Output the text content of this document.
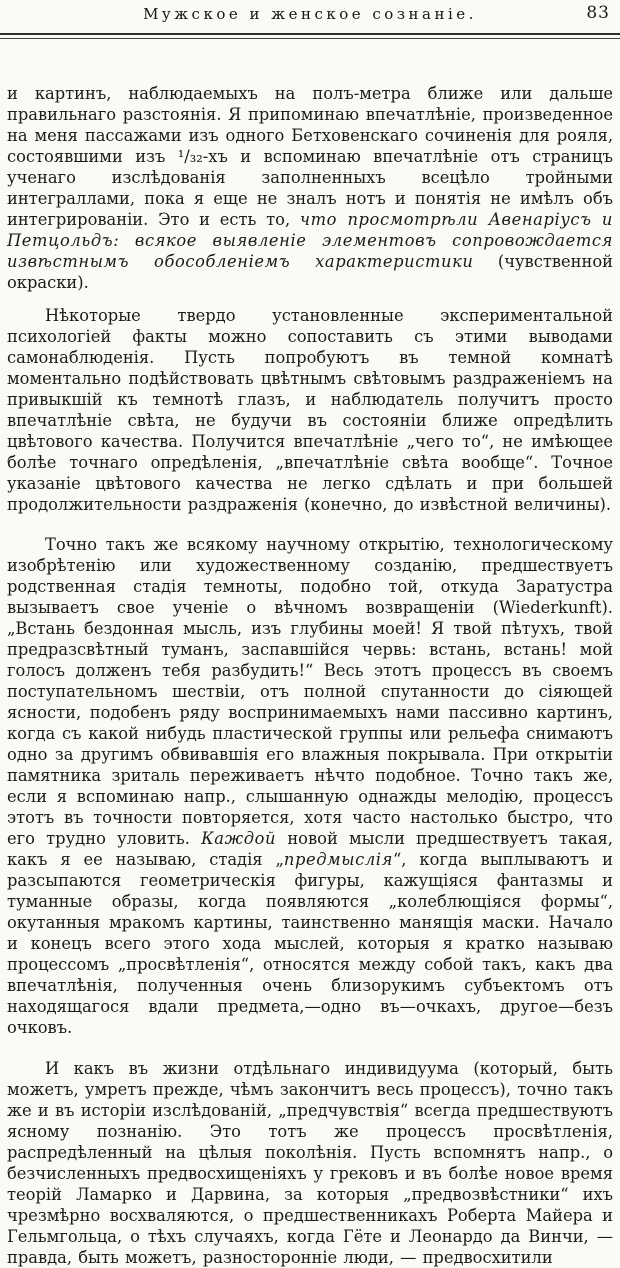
Мужское и женское сознаніе.	83

и картинъ, наблюдаемыхъ на полъ-метра ближе или дальше правильнаго разстоянія. Я припоминаю впечатлѣніе, произведенное на меня пассажами изъ одного Бетховенскаго сочиненія для рояля, состоявшими изъ ¹/₃₂-хъ и вспоминаю впечатлѣніе отъ страницъ ученаго изслѣдованія заполненныхъ всецѣло тройными интеграллами, пока я еще не зналъ нотъ и понятія не имѣлъ объ интегрированіи. Это и есть то, что просмотрѣли Авенаріусъ и Петцольдъ: всякое выявленіе элементовъ сопровождается извѣстнымъ обособленіемъ характеристики (чувственной окраски).

Нѣкоторые твердо установленные экспериментальной психологіей факты можно сопоставить съ этими выводами самонаблюденія. Пусть попробуютъ въ темной комнатѣ моментально подѣйствовать цвѣтнымъ свѣтовымъ раздраженіемъ на привыкшій къ темнотѣ глазъ, и наблюдатель получитъ просто впечатлѣніе свѣта, не будучи въ состояніи ближе опредѣлить цвѣтового качества. Получится впечатлѣніе „чего то“, не имѣющее болѣе точнаго опредѣленія, „впечатлѣніе свѣта вообще“. Точное указаніе цвѣтового качества не легко сдѣлать и при большей продолжительности раздраженія (конечно, до извѣстной величины).

Точно такъ же всякому научному открытію, технологическому изобрѣтенію или художественному созданію, предшествуетъ родственная стадія темноты, подобно той, откуда Заратустра вызываетъ свое ученіе о вѣчномъ возвращеніи (Wiederkunft). „Встань бездонная мысль, изъ глубины моей! Я твой пѣтухъ, твой предразсвѣтный туманъ, заспавшійся червь: встань, встань! мой голосъ долженъ тебя разбудить!“ Весь этотъ процессъ въ своемъ поступательномъ шествіи, отъ полной спутанности до сіяющей ясности, подобенъ ряду воспринимаемыхъ нами пассивно картинъ, когда съ какой нибудь пластической группы или рельефа снимаютъ одно за другимъ обвивавшія его влажныя покрывала. При открытіи памятника зриталь переживаетъ нѣчто подобное. Точно такъ же, если я вспоминаю напр., слышанную однажды мелодію, процессъ этотъ въ точности повторяется, хотя часто настолько быстро, что его трудно уловить. Каждой новой мысли предшествуетъ такая, какъ я ее называю, стадія „предмыслія“, когда выплываютъ и разсыпаются геометрическія фигуры, кажущіяся фантазмы и туманные образы, когда появляются „колеблющіяся формы“, окутанныя мракомъ картины, таинственно манящія маски. Начало и конецъ всего этого хода мыслей, которыя я кратко называю процессомъ „просвѣтленія“, относятся между собой такъ, какъ два впечатлѣнія, полученныя очень близорукимъ субъектомъ отъ находящагося вдали предмета,—одно въ—очкахъ, другое—безъ очковъ.

И какъ въ жизни отдѣльнаго индивидуума (который, быть можетъ, умретъ прежде, чѣмъ закончитъ весь процессъ), точно такъ же и въ исторіи изслѣдованій, „предчувствія“ всегда предшествуютъ ясному познанію. Это тотъ же процессъ просвѣтленія, распредѣленный на цѣлыя поколѣнія. Пусть вспомнятъ напр., о безчисленныхъ предвосхищеніяхъ у грековъ и въ болѣе новое время теорій Ламарко и Дарвина, за которыя „предвозвѣстники“ ихъ чрезмѣрно восхваляются, о предшественникахъ Роберта Майера и Гельмгольца, о тѣхъ случаяхъ, когда Гёте и Леонардо да Винчи, — правда, быть можетъ, разносторонніе люди, — предвосхитили
